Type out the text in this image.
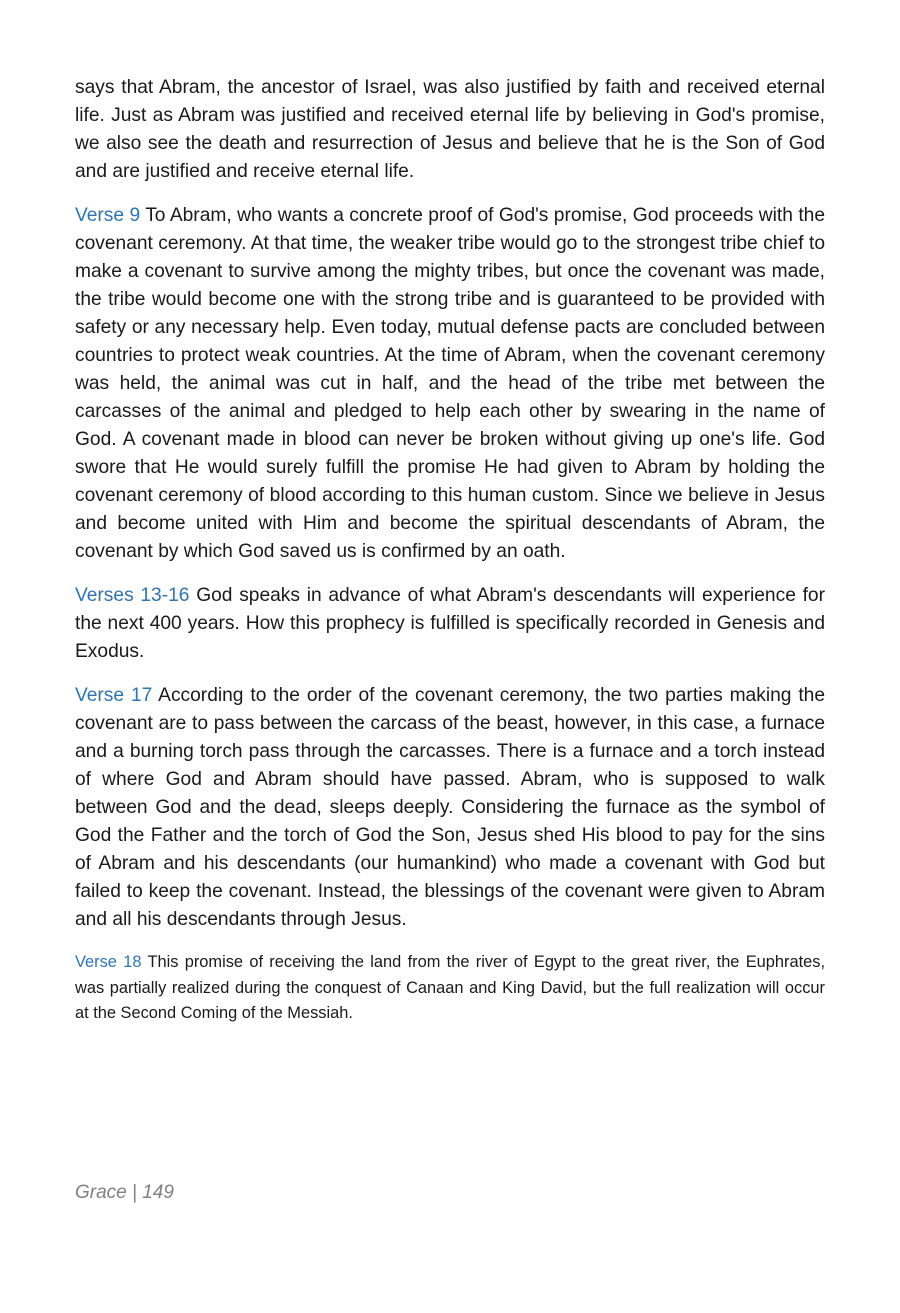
says that Abram, the ancestor of Israel, was also justified by faith and received eternal life. Just as Abram was justified and received eternal life by believing in God's promise, we also see the death and resurrection of Jesus and believe that he is the Son of God and are justified and receive eternal life.

Verse 9 To Abram, who wants a concrete proof of God's promise, God proceeds with the covenant ceremony. At that time, the weaker tribe would go to the strongest tribe chief to make a covenant to survive among the mighty tribes, but once the covenant was made, the tribe would become one with the strong tribe and is guaranteed to be provided with safety or any necessary help. Even today, mutual defense pacts are concluded between countries to protect weak countries. At the time of Abram, when the covenant ceremony was held, the animal was cut in half, and the head of the tribe met between the carcasses of the animal and pledged to help each other by swearing in the name of God. A covenant made in blood can never be broken without giving up one's life. God swore that He would surely fulfill the promise He had given to Abram by holding the covenant ceremony of blood according to this human custom. Since we believe in Jesus and become united with Him and become the spiritual descendants of Abram, the covenant by which God saved us is confirmed by an oath.

Verses 13-16 God speaks in advance of what Abram's descendants will experience for the next 400 years. How this prophecy is fulfilled is specifically recorded in Genesis and Exodus.

Verse 17 According to the order of the covenant ceremony, the two parties making the covenant are to pass between the carcass of the beast, however, in this case, a furnace and a burning torch pass through the carcasses. There is a furnace and a torch instead of where God and Abram should have passed. Abram, who is supposed to walk between God and the dead, sleeps deeply. Considering the furnace as the symbol of God the Father and the torch of God the Son, Jesus shed His blood to pay for the sins of Abram and his descendants (our humankind) who made a covenant with God but failed to keep the covenant. Instead, the blessings of the covenant were given to Abram and all his descendants through Jesus.

Verse 18 This promise of receiving the land from the river of Egypt to the great river, the Euphrates, was partially realized during the conquest of Canaan and King David, but the full realization will occur at the Second Coming of the Messiah.

Grace | 149
